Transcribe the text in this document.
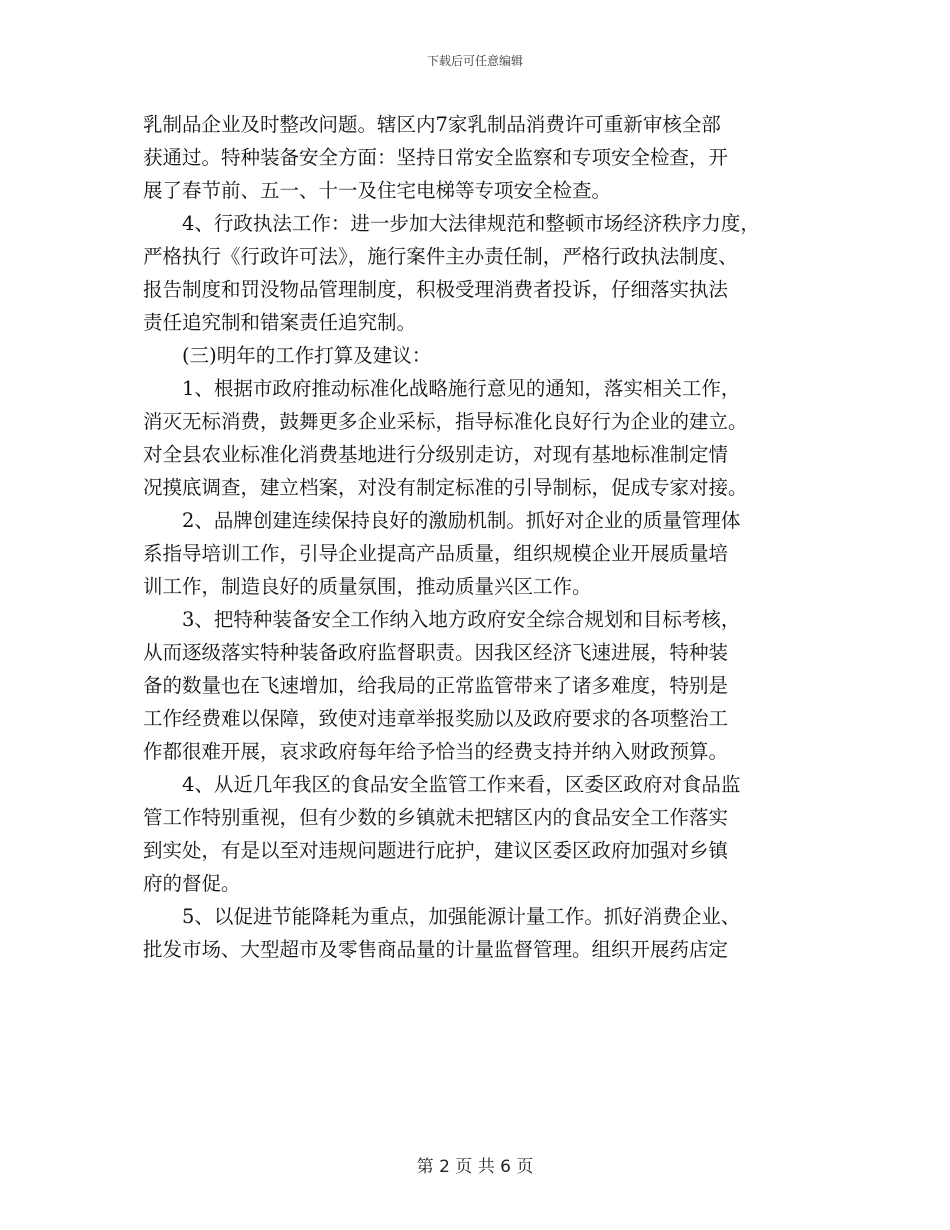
下载后可任意编辑
乳制品企业及时整改问题。辖区内7家乳制品消费许可重新审核全部
获通过。特种装备安全方面：坚持日常安全监察和专项安全检查，开
展了春节前、五一、十一及住宅电梯等专项安全检查。
　　4、行政执法工作：进一步加大法律规范和整顿市场经济秩序力度，
严格执行《行政许可法》，施行案件主办责任制，严格行政执法制度、
报告制度和罚没物品管理制度，积极受理消费者投诉，仔细落实执法
责任追究制和错案责任追究制。
　　(三)明年的工作打算及建议：
　　1、根据市政府推动标准化战略施行意见的通知，落实相关工作，
消灭无标消费，鼓舞更多企业采标，指导标准化良好行为企业的建立。
对全县农业标准化消费基地进行分级别走访，对现有基地标准制定情
况摸底调查，建立档案，对没有制定标准的引导制标，促成专家对接。
　　2、品牌创建连续保持良好的激励机制。抓好对企业的质量管理体
系指导培训工作，引导企业提高产品质量，组织规模企业开展质量培
训工作，制造良好的质量氛围，推动质量兴区工作。
　　3、把特种装备安全工作纳入地方政府安全综合规划和目标考核，
从而逐级落实特种装备政府监督职责。因我区经济飞速进展，特种装
备的数量也在飞速增加，给我局的正常监管带来了诸多难度，特别是
工作经费难以保障，致使对违章举报奖励以及政府要求的各项整治工
作都很难开展，哀求政府每年给予恰当的经费支持并纳入财政预算。
　　4、从近几年我区的食品安全监管工作来看，区委区政府对食品监
管工作特别重视，但有少数的乡镇就未把辖区内的食品安全工作落实
到实处，有是以至对违规问题进行庇护，建议区委区政府加强对乡镇
府的督促。
　　5、以促进节能降耗为重点，加强能源计量工作。抓好消费企业、
批发市场、大型超市及零售商品量的计量监督管理。组织开展药店定
第 2 页 共 6 页
